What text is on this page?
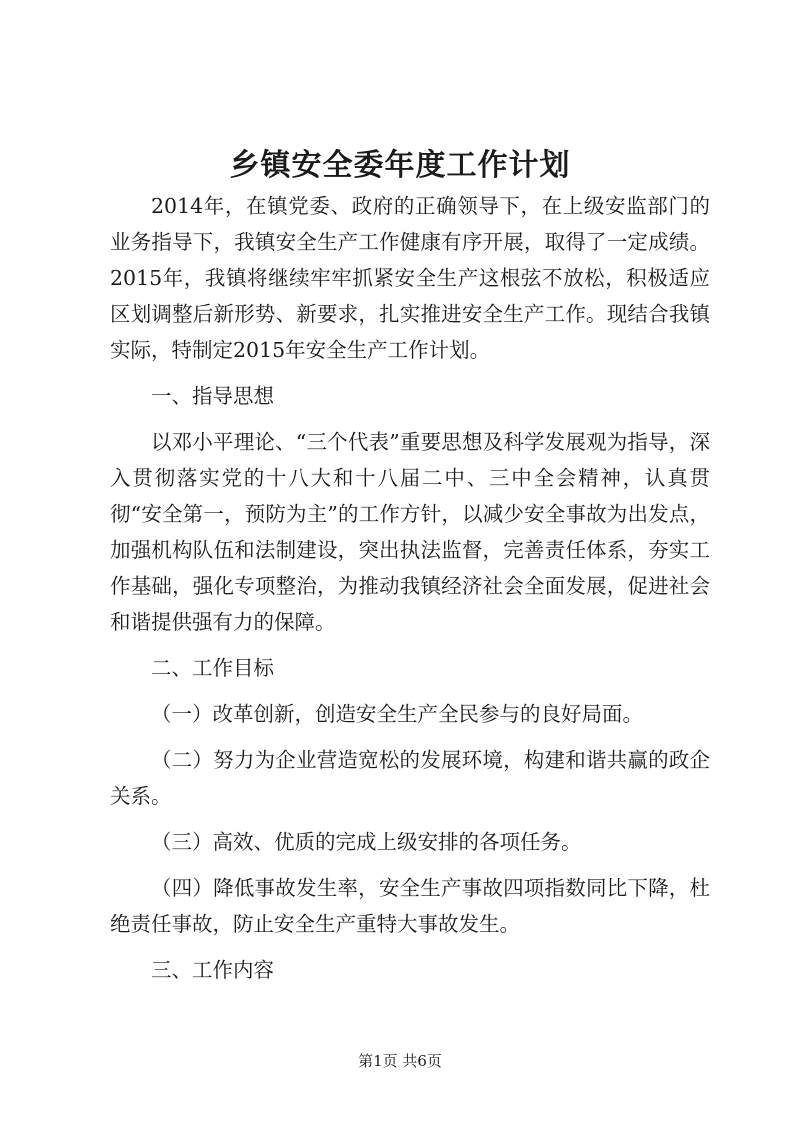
乡镇安全委年度工作计划

2014年，在镇党委、政府的正确领导下，在上级安监部门的业务指导下，我镇安全生产工作健康有序开展，取得了一定成绩。2015年，我镇将继续牢牢抓紧安全生产这根弦不放松，积极适应区划调整后新形势、新要求，扎实推进安全生产工作。现结合我镇实际，特制定2015年安全生产工作计划。

一、指导思想

以邓小平理论、“三个代表”重要思想及科学发展观为指导，深入贯彻落实党的十八大和十八届二中、三中全会精神，认真贯彻“安全第一，预防为主”的工作方针，以减少安全事故为出发点，加强机构队伍和法制建设，突出执法监督，完善责任体系，夯实工作基础，强化专项整治，为推动我镇经济社会全面发展，促进社会和谐提供强有力的保障。

二、工作目标

（一）改革创新，创造安全生产全民参与的良好局面。

（二）努力为企业营造宽松的发展环境，构建和谐共赢的政企关系。

（三）高效、优质的完成上级安排的各项任务。

（四）降低事故发生率，安全生产事故四项指数同比下降，杜绝责任事故，防止安全生产重特大事故发生。

三、工作内容

第1页 共6页
